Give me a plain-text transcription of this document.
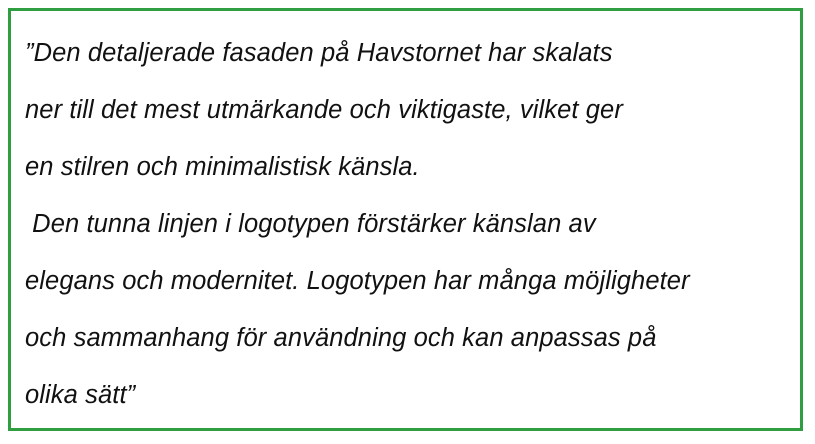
”Den detaljerade fasaden på Havstornet har skalats
ner till det mest utmärkande och viktigaste, vilket ger
en stilren och minimalistisk känsla.
Den tunna linjen i logotypen förstärker känslan av
elegans och modernitet. Logotypen har många möjligheter
och sammanhang för användning och kan anpassas på
olika sätt”
